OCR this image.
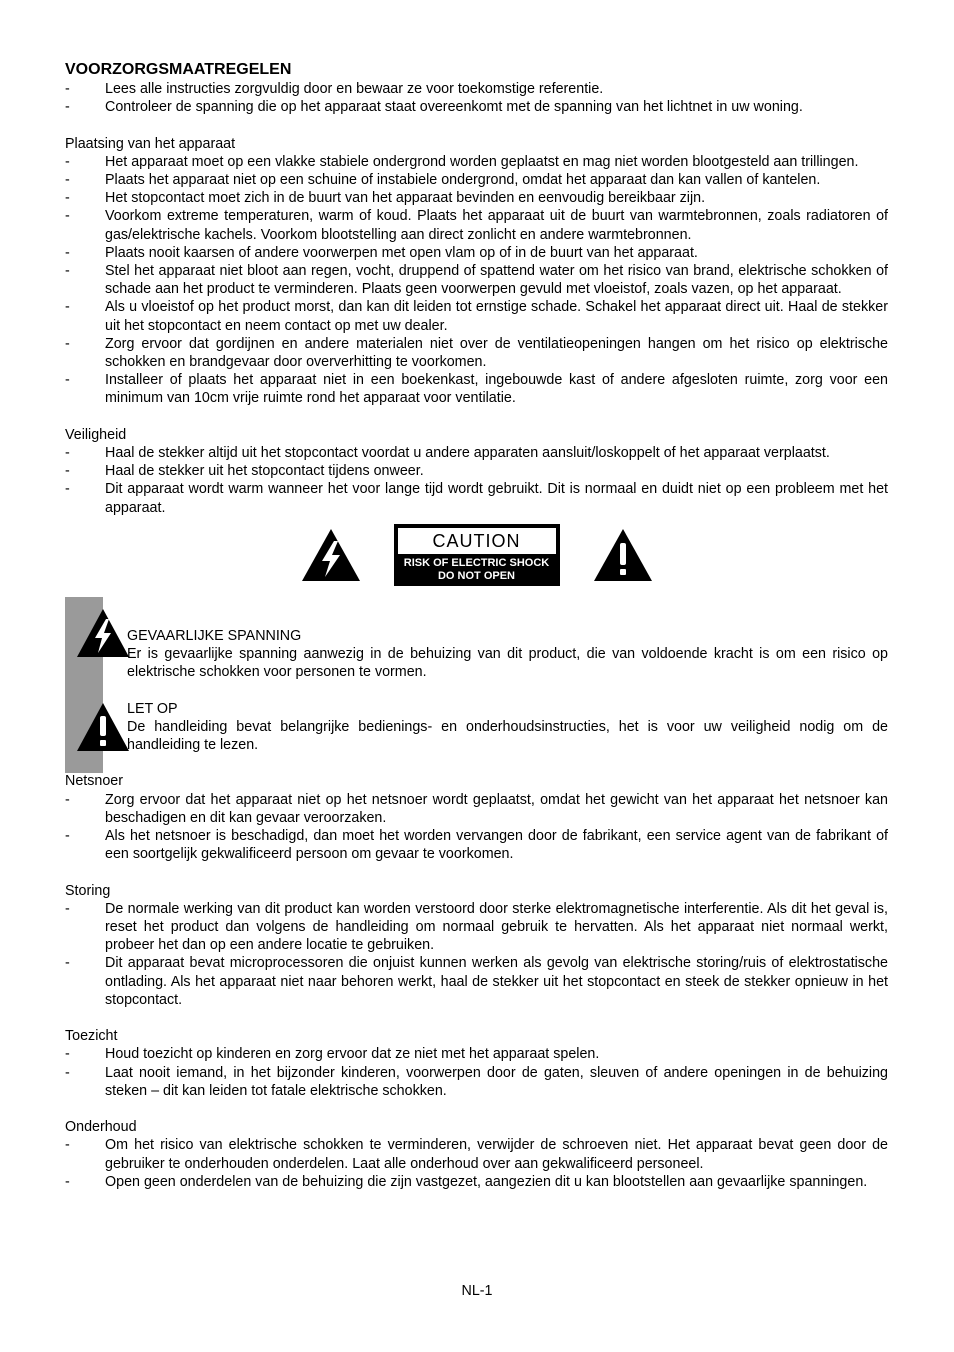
VOORZORGSMAATREGELEN
- Lees alle instructies zorgvuldig door en bewaar ze voor toekomstige referentie.
- Controleer de spanning die op het apparaat staat overeenkomt met de spanning van het lichtnet in uw woning.

Plaatsing van het apparaat

- Het apparaat moet op een vlakke stabiele ondergrond worden geplaatst en mag niet worden blootgesteld aan trillingen.
- Plaats het apparaat niet op een schuine of instabiele ondergrond, omdat het apparaat dan kan vallen of kantelen.
- Het stopcontact moet zich in de buurt van het apparaat bevinden en eenvoudig bereikbaar zijn.
- Voorkom extreme temperaturen, warm of koud. Plaats het apparaat uit de buurt van warmtebronnen, zoals radiatoren of gas/elektrische kachels. Voorkom blootstelling aan direct zonlicht en andere warmtebronnen.
- Plaats nooit kaarsen of andere voorwerpen met open vlam op of in de buurt van het apparaat.
- Stel het apparaat niet bloot aan regen, vocht, druppend of spattend water om het risico van brand, elektrische schokken of schade aan het product te verminderen. Plaats geen voorwerpen gevuld met vloeistof, zoals vazen, op het apparaat.
- Als u vloeistof op het product morst, dan kan dit leiden tot ernstige schade. Schakel het apparaat direct uit. Haal de stekker uit het stopcontact en neem contact op met uw dealer.
- Zorg ervoor dat gordijnen en andere materialen niet over de ventilatieopeningen hangen om het risico op elektrische schokken en brandgevaar door oververhitting te voorkomen.
- Installeer of plaats het apparaat niet in een boekenkast, ingebouwde kast of andere afgesloten ruimte, zorg voor een minimum van 10cm vrije ruimte rond het apparaat voor ventilatie.

Veiligheid

- Haal de stekker altijd uit het stopcontact voordat u andere apparaten aansluit/loskoppelt of het apparaat verplaatst.
- Haal de stekker uit het stopcontact tijdens onweer.
- Dit apparaat wordt warm wanneer het voor lange tijd wordt gebruikt. Dit is normaal en duidt niet op een probleem met het apparaat.
CAUTION
RISK OF ELECTRIC SHOCK
DO NOT OPEN
GEVAARLIJKE SPANNING
Er is gevaarlijke spanning aanwezig in de behuizing van dit product, die van voldoende kracht is om een risico op elektrische schokken voor personen te vormen.
LET OP
De handleiding bevat belangrijke bedienings- en onderhoudsinstructies, het is voor uw veiligheid nodig om de handleiding te lezen.

Netsnoer

- Zorg ervoor dat het apparaat niet op het netsnoer wordt geplaatst, omdat het gewicht van het apparaat het netsnoer kan beschadigen en dit kan gevaar veroorzaken.
- Als het netsnoer is beschadigd, dan moet het worden vervangen door de fabrikant, een service agent van de fabrikant of een soortgelijk gekwalificeerd persoon om gevaar te voorkomen.

Storing

- De normale werking van dit product kan worden verstoord door sterke elektromagnetische interferentie. Als dit het geval is, reset het product dan volgens de handleiding om normaal gebruik te hervatten. Als het apparaat niet normaal werkt, probeer het dan op een andere locatie te gebruiken.
- Dit apparaat bevat microprocessoren die onjuist kunnen werken als gevolg van elektrische storing/ruis of elektrostatische ontlading. Als het apparaat niet naar behoren werkt, haal de stekker uit het stopcontact en steek de stekker opnieuw in het stopcontact.

Toezicht

- Houd toezicht op kinderen en zorg ervoor dat ze niet met het apparaat spelen.
- Laat nooit iemand, in het bijzonder kinderen, voorwerpen door de gaten, sleuven of andere openingen in de behuizing steken – dit kan leiden tot fatale elektrische schokken.

Onderhoud

- Om het risico van elektrische schokken te verminderen, verwijder de schroeven niet. Het apparaat bevat geen door de gebruiker te onderhouden onderdelen. Laat alle onderhoud over aan gekwalificeerd personeel.
- Open geen onderdelen van de behuizing die zijn vastgezet, aangezien dit u kan blootstellen aan gevaarlijke spanningen.
NL-1
